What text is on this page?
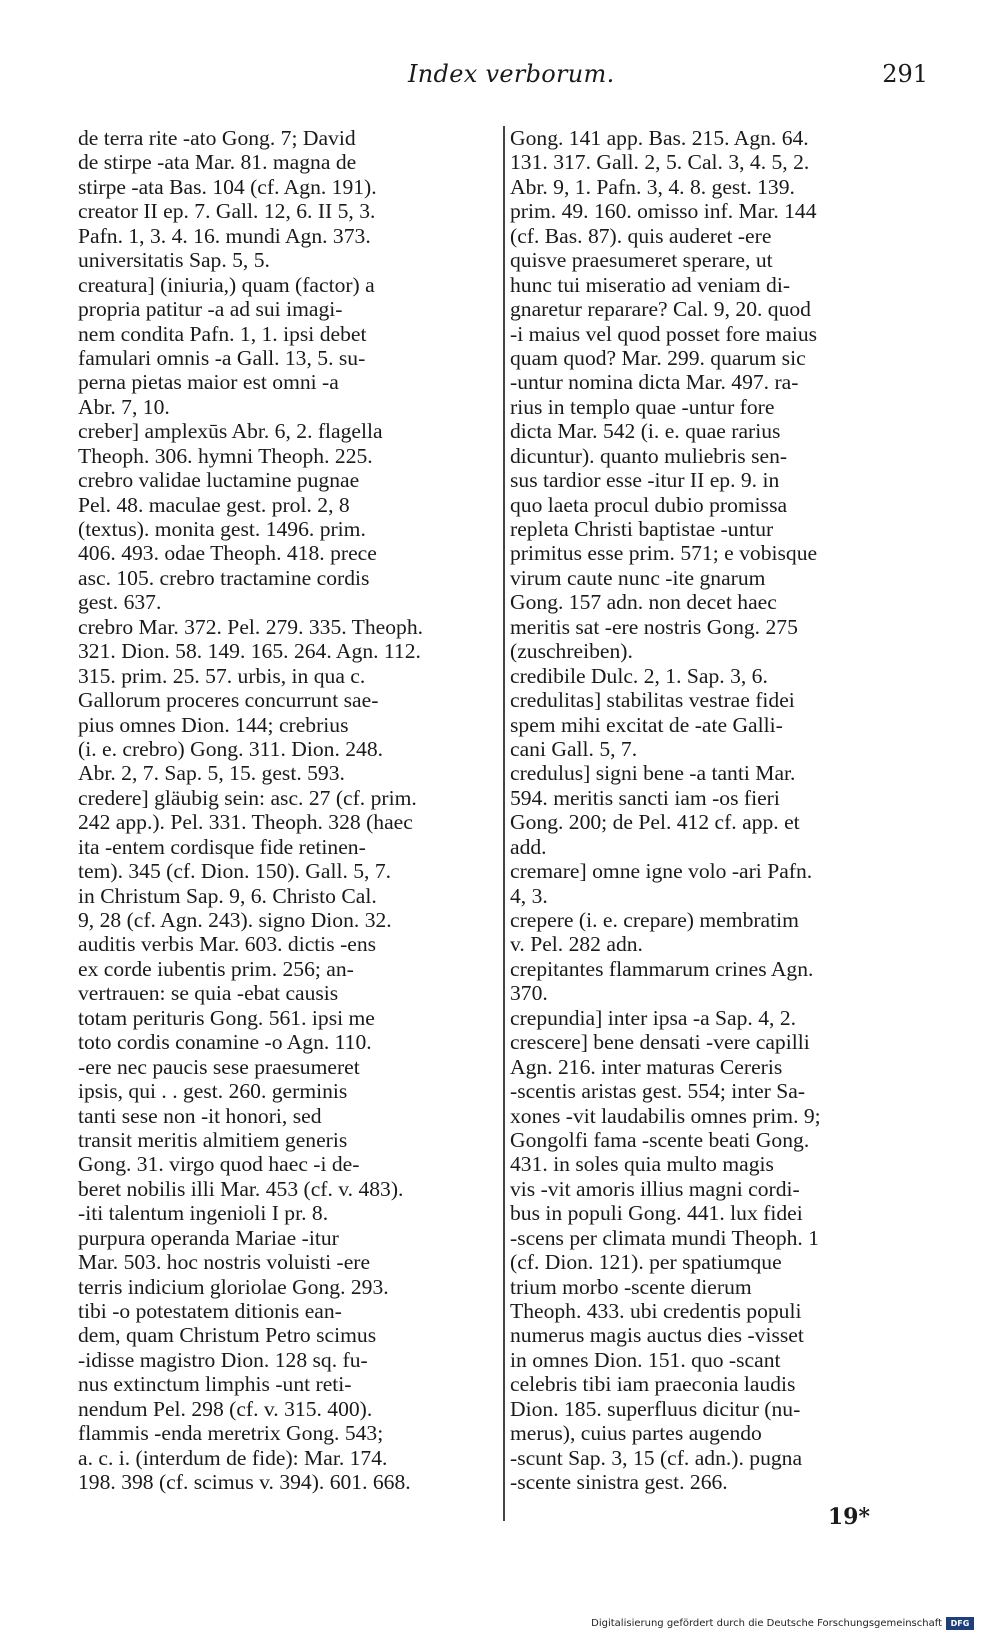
Index verborum.	291
de terra rite -ato Gong. 7; David
de stirpe -ata Mar. 81. magna de
stirpe -ata Bas. 104 (cf. Agn. 191).
creator II ep. 7. Gall. 12, 6. II 5, 3.
Pafn. 1, 3. 4. 16. mundi Agn. 373.
universitatis Sap. 5, 5.
creatura] (iniuria,) quam (factor) a
propria patitur -a ad sui imagi-
nem condita Pafn. 1, 1. ipsi debet
famulari omnis -a Gall. 13, 5. su-
perna pietas maior est omni -a
Abr. 7, 10.
creber] amplexūs Abr. 6, 2. flagella
Theoph. 306. hymni Theoph. 225.
crebro validae luctamine pugnae
Pel. 48. maculae gest. prol. 2, 8
(textus). monita gest. 1496. prim.
406. 493. odae Theoph. 418. prece
asc. 105. crebro tractamine cordis
gest. 637.
crebro Mar. 372. Pel. 279. 335. Theoph.
321. Dion. 58. 149. 165. 264. Agn. 112.
315. prim. 25. 57. urbis, in qua c.
Gallorum proceres concurrunt sae-
pius omnes Dion. 144; crebrius
(i. e. crebro) Gong. 311. Dion. 248.
Abr. 2, 7. Sap. 5, 15. gest. 593.
credere] gläubig sein: asc. 27 (cf. prim.
242 app.). Pel. 331. Theoph. 328 (haec
ita -entem cordisque fide retinen-
tem). 345 (cf. Dion. 150). Gall. 5, 7.
in Christum Sap. 9, 6. Christo Cal.
9, 28 (cf. Agn. 243). signo Dion. 32.
auditis verbis Mar. 603. dictis -ens
ex corde iubentis prim. 256; an-
vertrauen: se quia -ebat causis
totam perituris Gong. 561. ipsi me
toto cordis conamine -o Agn. 110.
-ere nec paucis sese praesumeret
ipsis, qui . . gest. 260. germinis
tanti sese non -it honori, sed
transit meritis almitiem generis
Gong. 31. virgo quod haec -i de-
beret nobilis illi Mar. 453 (cf. v. 483).
-iti talentum ingenioli I pr. 8.
purpura operanda Mariae -itur
Mar. 503. hoc nostris voluisti -ere
terris indicium gloriolae Gong. 293.
tibi -o potestatem ditionis ean-
dem, quam Christum Petro scimus
-idisse magistro Dion. 128 sq. fu-
nus extinctum limphis -unt reti-
nendum Pel. 298 (cf. v. 315. 400).
flammis -enda meretrix Gong. 543;
a. c. i. (interdum de fide): Mar. 174.
198. 398 (cf. scimus v. 394). 601. 668.
Gong. 141 app. Bas. 215. Agn. 64.
131. 317. Gall. 2, 5. Cal. 3, 4. 5, 2.
Abr. 9, 1. Pafn. 3, 4. 8. gest. 139.
prim. 49. 160. omisso inf. Mar. 144
(cf. Bas. 87). quis auderet -ere
quisve praesumeret sperare, ut
hunc tui miseratio ad veniam di-
gnaretur reparare? Cal. 9, 20. quod
-i maius vel quod posset fore maius
quam quod? Mar. 299. quarum sic
-untur nomina dicta Mar. 497. ra-
rius in templo quae -untur fore
dicta Mar. 542 (i. e. quae rarius
dicuntur). quanto muliebris sen-
sus tardior esse -itur II ep. 9. in
quo laeta procul dubio promissa
repleta Christi baptistae -untur
primitus esse prim. 571; e vobisque
virum caute nunc -ite gnarum
Gong. 157 adn. non decet haec
meritis sat -ere nostris Gong. 275
(zuschreiben).
credibile Dulc. 2, 1. Sap. 3, 6.
credulitas] stabilitas vestrae fidei
spem mihi excitat de -ate Galli-
cani Gall. 5, 7.
credulus] signi bene -a tanti Mar.
594. meritis sancti iam -os fieri
Gong. 200; de Pel. 412 cf. app. et
add.
cremare] omne igne volo -ari Pafn.
4, 3.
crepere (i. e. crepare) membratim
v. Pel. 282 adn.
crepitantes flammarum crines Agn.
370.
crepundia] inter ipsa -a Sap. 4, 2.
crescere] bene densati -vere capilli
Agn. 216. inter maturas Cereris
-scentis aristas gest. 554; inter Sa-
xones -vit laudabilis omnes prim. 9;
Gongolfi fama -scente beati Gong.
431. in soles quia multo magis
vis -vit amoris illius magni cordi-
bus in populi Gong. 441. lux fidei
-scens per climata mundi Theoph. 1
(cf. Dion. 121). per spatiumque
trium morbo -scente dierum
Theoph. 433. ubi credentis populi
numerus magis auctus dies -visset
in omnes Dion. 151. quo -scant
celebris tibi iam praeconia laudis
Dion. 185. superfluus dicitur (nu-
merus), cuius partes augendo
-scunt Sap. 3, 15 (cf. adn.). pugna
-scente sinistra gest. 266.
19*
Digitalisierung gefördert durch die Deutsche Forschungsgemeinschaft	DFG
